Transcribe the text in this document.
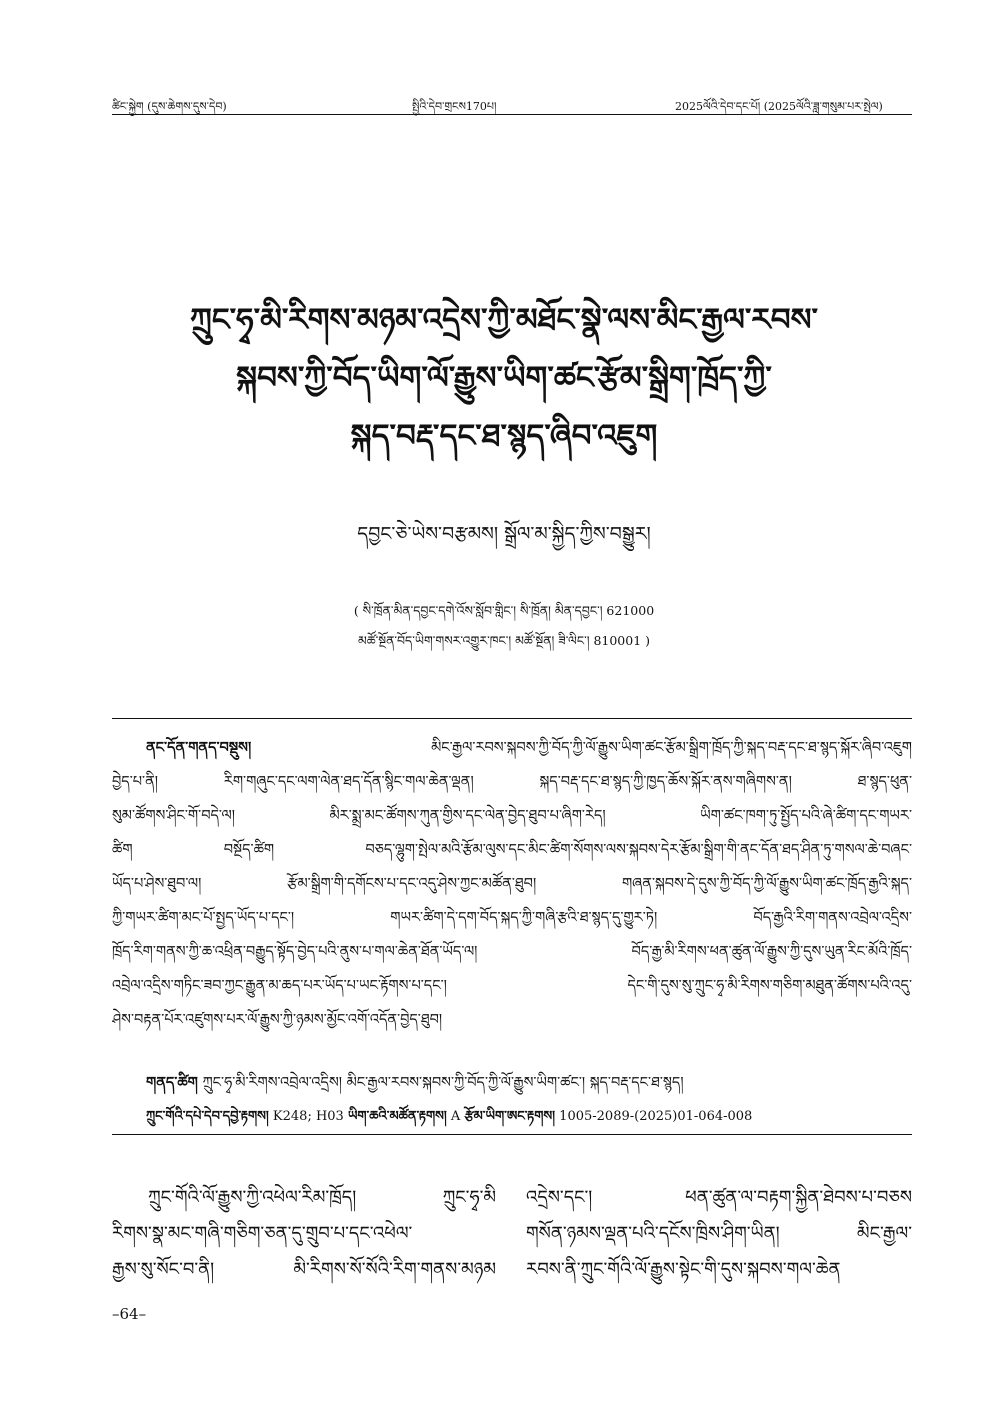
ཚིང་སྐྱེག (དུས་ཆེགས་དུས་དེབ)	སྤྱིའི་དེབ་གྲངས170པ།	2025ལོའི་དེབ་དང་པོ། (2025ལོའི་ཟླ་གསུམ་པར་སྤེལ)
ཀྲུང་ཧྭ་མི་རིགས་མཉམ་འདྲེས་ཀྱི་མཐོང་སྣེ་ལས་མིང་རྒྱལ་རབས་
སྐབས་ཀྱི་བོད་ཡིག་ལོ་རྒྱུས་ཡིག་ཚང་རྩོམ་སྒྲིག་ཁྲོད་ཀྱི་
སྐད་བརྡ་དང་ཐ་སྙད་ཞིབ་འཇུག
དབྱང་ཅེ་ཡེས་བརྩམས། སྒྲོལ་མ་སྐྱིད་ཀྱིས་བསྒྱུར།
( སི་ཁྲོན་མིན་དབྱང་དགེ་འོས་སློབ་གླིང་། སི་ཁྲོན། མིན་དབྱང་། 621000
མཚོ་སྔོན་བོད་ཡིག་གསར་འགྱུར་ཁང་། མཚོ་སྔོན། ཟི་ལིང་། 810001 )
ནང་དོན་གནད་བསྡུས། མིང་རྒྱལ་རབས་སྐབས་ཀྱི་བོད་ཀྱི་ལོ་རྒྱུས་ཡིག་ཚང་རྩོམ་སྒྲིག་ཁྲོད་ཀྱི་སྐད་བརྡ་དང་ཐ་སྙད་སྐོར་ཞིབ་འཇུག
བྱེད་པ་ནི། རིག་གཞུང་དང་ལག་ལེན་ཐད་དོན་སྙིང་གལ་ཆེན་ལྡན། སྐད་བརྡ་དང་ཐ་སྙད་ཀྱི་ཁྱད་ཆོས་སྐོར་ནས་གཞིགས་ན། ཐ་སྙད་ཕུན་
སུམ་ཚོགས་ཤིང་གོ་བདེ་ལ། མིར་སྨྲ་མང་ཚོགས་ཀུན་གྱིས་དང་ལེན་བྱེད་ཐུབ་པ་ཞིག་རེད། ཡིག་ཚང་ཁག་ཏུ་སྤྱོད་པའི་ཞེ་ཚིག་དང་གཡར་
ཚིག བསྔོད་ཚིག བཅད་ལྷུག་སྤེལ་མའི་རྩོམ་ལུས་དང་མིང་ཚིག་སོགས་ལས་སྐབས་དེར་རྩོམ་སྒྲིག་གི་ནང་དོན་ཐད་ཤིན་ཏུ་གསལ་ཆེ་བཞང་
ཡོད་པ་ཤེས་ཐུབ་ལ། རྩོམ་སྒྲིག་གི་དགོངས་པ་དང་འདུ་ཤེས་ཀྱང་མཚོན་ཐུབ། གཞན་སྐབས་དེ་དུས་ཀྱི་བོད་ཀྱི་ལོ་རྒྱུས་ཡིག་ཚང་ཁྲོད་རྒྱའི་སྐད་
ཀྱི་གཡར་ཚིག་མང་པོ་སྤྱད་ཡོད་པ་དང་། གཡར་ཚིག་དེ་དག་བོད་སྐད་ཀྱི་གཞི་རྩའི་ཐ་སྙད་དུ་གྱུར་ཏེ། བོད་རྒྱའི་རིག་གནས་འབྲེལ་འདྲིས་
ཁྲོད་རིག་གནས་ཀྱི་ཆ་འཕྲིན་བརྒྱུད་སྟོད་བྱེད་པའི་ནུས་པ་གལ་ཆེན་ཐོན་ཡོད་ལ། བོད་རྒྱ་མི་རིགས་ཕན་ཚུན་ལོ་རྒྱུས་ཀྱི་དུས་ཡུན་རིང་མོའི་ཁྲོད་
འབྲེལ་འདྲིས་གཏིང་ཟབ་ཀྱང་རྒྱུན་མ་ཆད་པར་ཡོད་པ་ཡང་རྟོགས་པ་དང་། དེང་གི་དུས་སུ་ཀྲུང་ཧྭ་མི་རིགས་གཅིག་མཐུན་ཚོགས་པའི་འདུ་
ཤེས་བརྟན་པོར་འཛུགས་པར་ལོ་རྒྱུས་ཀྱི་ཉམས་མྱོང་འགོ་འདོན་བྱེད་ཐུབ།
གནད་ཚིག ཀྲུང་ཧྭ་མི་རིགས་འབྲེལ་འདྲིས། མིང་རྒྱལ་རབས་སྐབས་ཀྱི་བོད་ཀྱི་ལོ་རྒྱུས་ཡིག་ཚང་། སྐད་བརྡ་དང་ཐ་སྙད།
ཀྲུང་གོའི་དཔེ་དེབ་དབྱེ་རྟགས། K248; H03 ཡིག་ཆའི་མཚོན་རྟགས། A རྩོམ་ཡིག་ཨང་རྟགས། 1005-2089-(2025)01-064-008
ཀྲུང་གོའི་ལོ་རྒྱུས་ཀྱི་འཕེལ་རིམ་ཁྲོད། ཀྲུང་ཧྭ་མི
རིགས་སྣ་མང་གཞི་གཅིག་ཅན་དུ་གྲུབ་པ་དང་འཕེལ་
རྒྱས་སུ་སོང་བ་ནི། མི་རིགས་སོ་སོའི་རིག་གནས་མཉམ
འདྲེས་དང་། ཕན་ཚུན་ལ་བརྟག་སྐྱིན་ཐེབས་པ་བཅས
གསོན་ཉམས་ལྡན་པའི་དངོས་ཁྲིས་ཤིག་ཡིན། མིང་རྒྱལ་
རབས་ནི་ཀྲུང་གོའི་ལོ་རྒྱུས་སྟེང་གི་དུས་སྐབས་གལ་ཆེན
–64–
